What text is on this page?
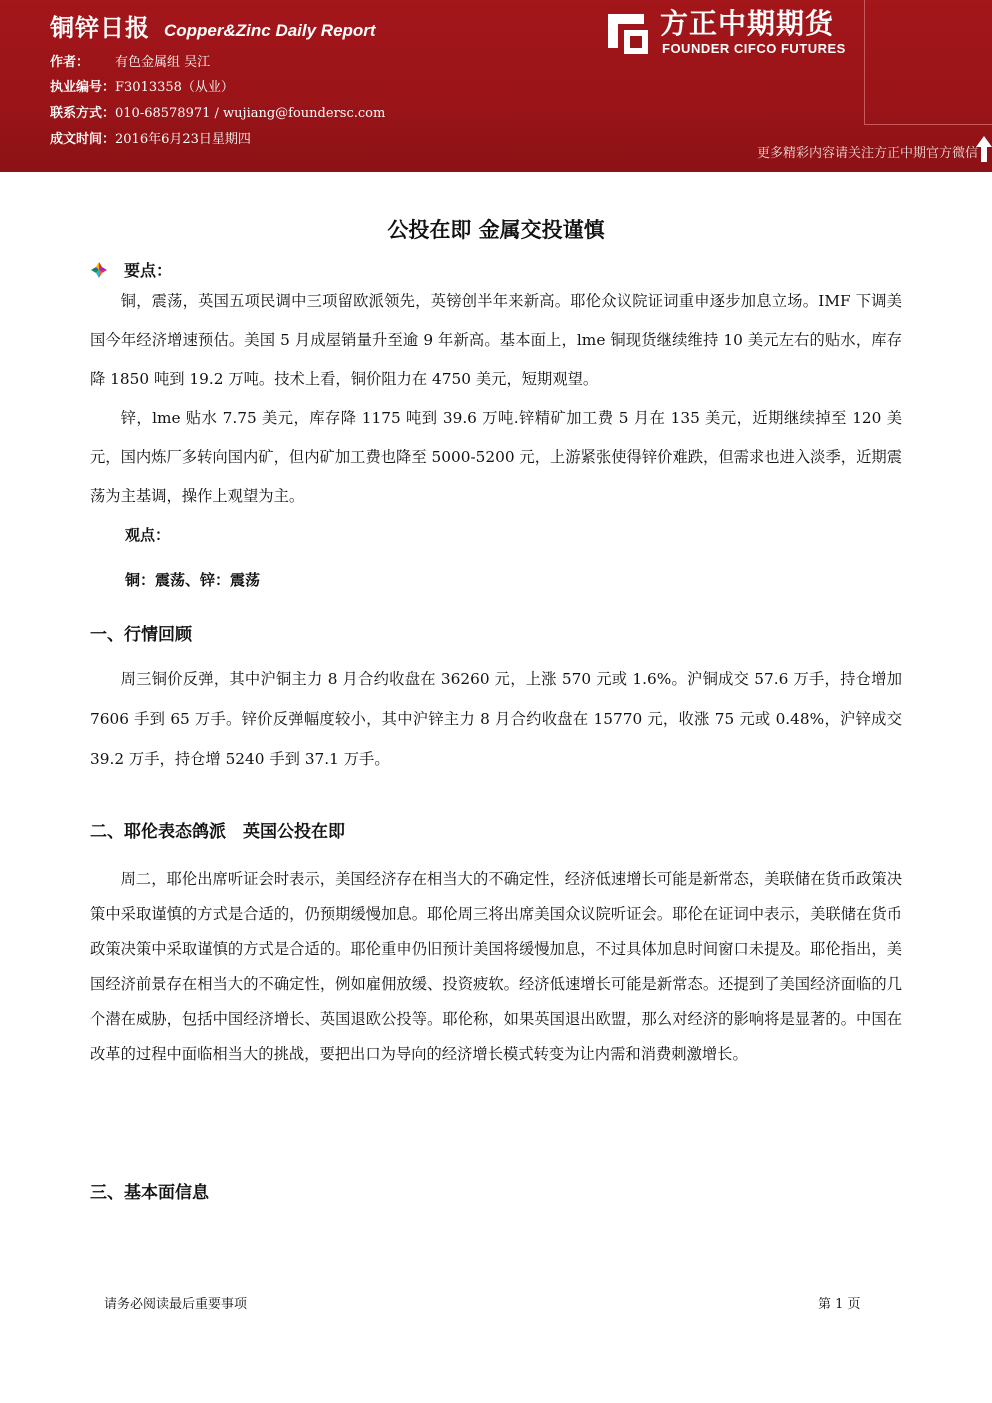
铜锌日报 Copper&Zinc Daily Report
作者： 有色金属组 吴江
执业编号：F3013358（从业）
联系方式：010-68578971 / wujiang@foundersc.com
成文时间：2016年6月23日星期四
方正中期期货
FOUNDER CIFCO FUTURES
更多精彩内容请关注方正中期官方微信
公投在即 金属交投谨慎
要点：

铜，震荡，英国五项民调中三项留欧派领先，英镑创半年来新高。耶伦众议院证词重申逐步加息立场。IMF 下调美国今年经济增速预估。美国 5 月成屋销量升至逾 9 年新高。基本面上，lme 铜现货继续维持 10 美元左右的贴水，库存降 1850 吨到 19.2 万吨。技术上看，铜价阻力在 4750 美元，短期观望。

锌，lme 贴水 7.75 美元，库存降 1175 吨到 39.6 万吨.锌精矿加工费 5 月在 135 美元，近期继续掉至 120 美元，国内炼厂多转向国内矿，但内矿加工费也降至 5000-5200 元，上游紧张使得锌价难跌，但需求也进入淡季，近期震荡为主基调，操作上观望为主。

观点：
铜：震荡、锌：震荡
一、行情回顾

周三铜价反弹，其中沪铜主力 8 月合约收盘在 36260 元，上涨 570 元或 1.6%。沪铜成交 57.6 万手，持仓增加 7606 手到 65 万手。锌价反弹幅度较小，其中沪锌主力 8 月合约收盘在 15770 元，收涨 75 元或 0.48%，沪锌成交 39.2 万手，持仓增 5240 手到 37.1 万手。

二、耶伦表态鸽派　英国公投在即

周二，耶伦出席听证会时表示，美国经济存在相当大的不确定性，经济低速增长可能是新常态，美联储在货币政策决策中采取谨慎的方式是合适的，仍预期缓慢加息。耶伦周三将出席美国众议院听证会。耶伦在证词中表示，美联储在货币政策决策中采取谨慎的方式是合适的。耶伦重申仍旧预计美国将缓慢加息，不过具体加息时间窗口未提及。耶伦指出，美国经济前景存在相当大的不确定性，例如雇佣放缓、投资疲软。经济低速增长可能是新常态。还提到了美国经济面临的几个潜在威胁，包括中国经济增长、英国退欧公投等。耶伦称，如果英国退出欧盟，那么对经济的影响将是显著的。中国在改革的过程中面临相当大的挑战，要把出口为导向的经济增长模式转变为让内需和消费刺激增长。

三、基本面信息
请务必阅读最后重要事项	第 1 页
